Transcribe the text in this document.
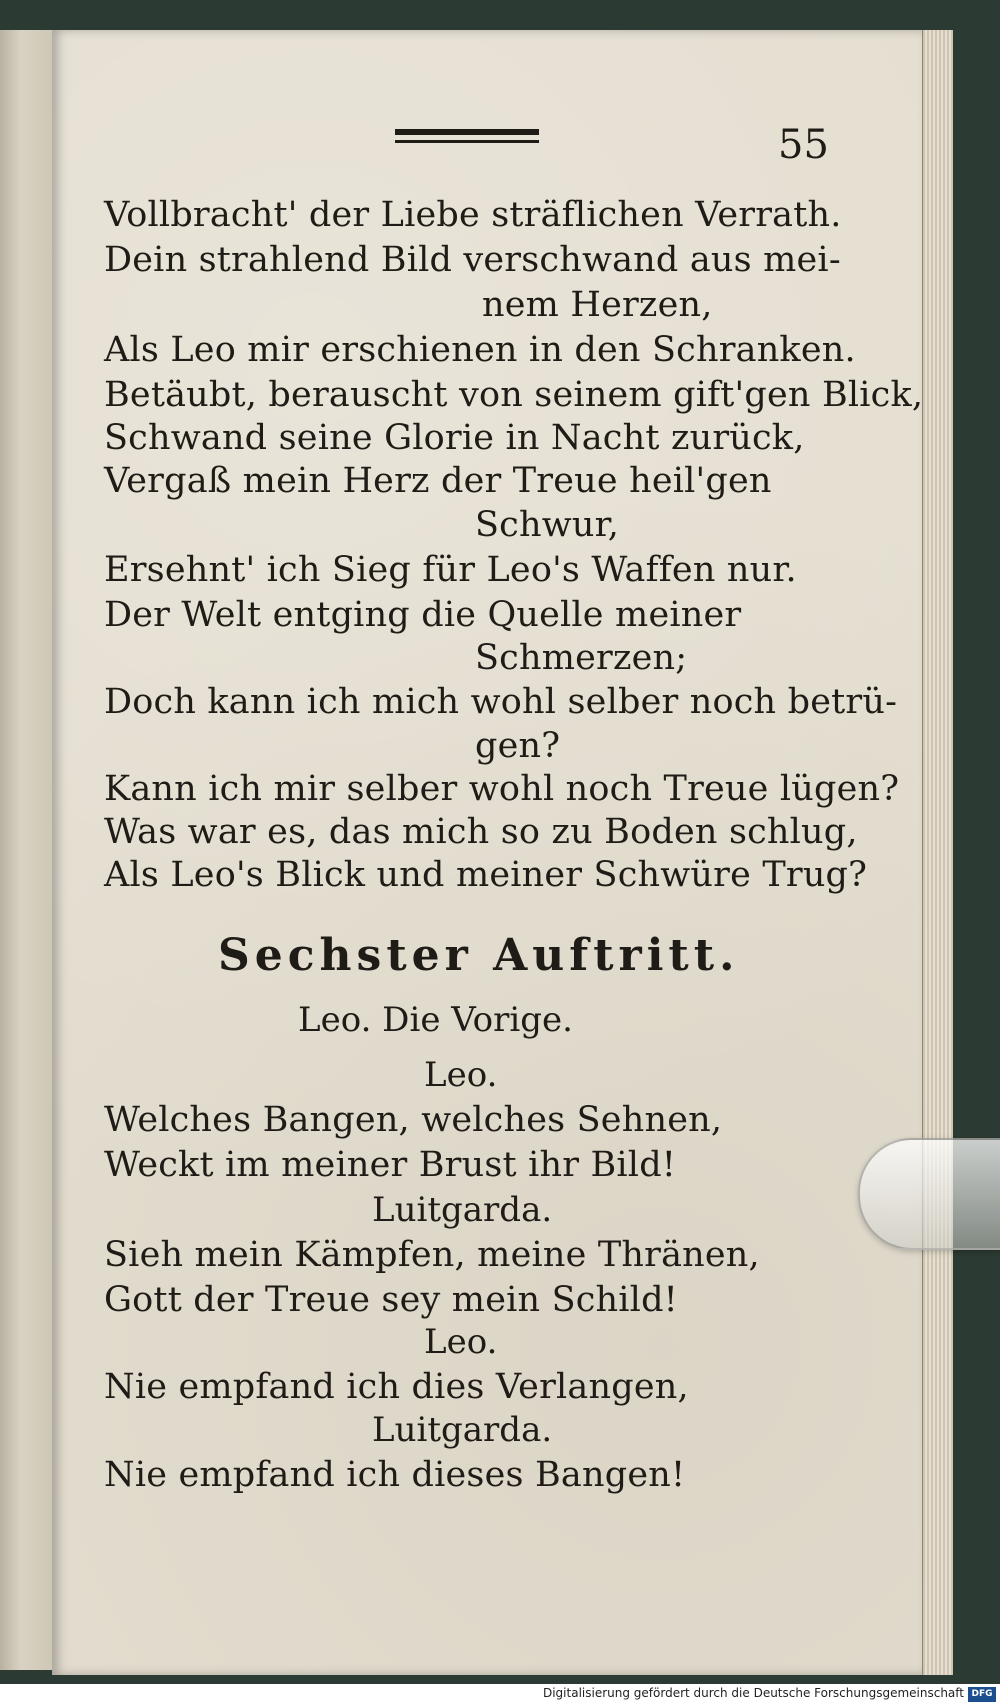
55
Vollbracht' der Liebe sträflichen Verrath.
Dein strahlend Bild verschwand aus mei-
nem Herzen,
Als Leo mir erschienen in den Schranken.
Betäubt, berauscht von seinem gift'gen Blick,
Schwand seine Glorie in Nacht zurück,
Vergaß mein Herz der Treue heil'gen
Schwur,
Ersehnt' ich Sieg für Leo's Waffen nur.
Der Welt entging die Quelle meiner
Schmerzen;
Doch kann ich mich wohl selber noch betrü-
gen?
Kann ich mir selber wohl noch Treue lügen?
Was war es, das mich so zu Boden schlug,
Als Leo's Blick und meiner Schwüre Trug?
Sechster Auftritt.
Leo. Die Vorige.
Leo.
Welches Bangen, welches Sehnen,
Weckt im meiner Brust ihr Bild!
Luitgarda.
Sieh mein Kämpfen, meine Thränen,
Gott der Treue sey mein Schild!
Leo.
Nie empfand ich dies Verlangen,
Luitgarda.
Nie empfand ich dieses Bangen!
Digitalisierung gefördert durch die Deutsche Forschungsgemeinschaft DFG
